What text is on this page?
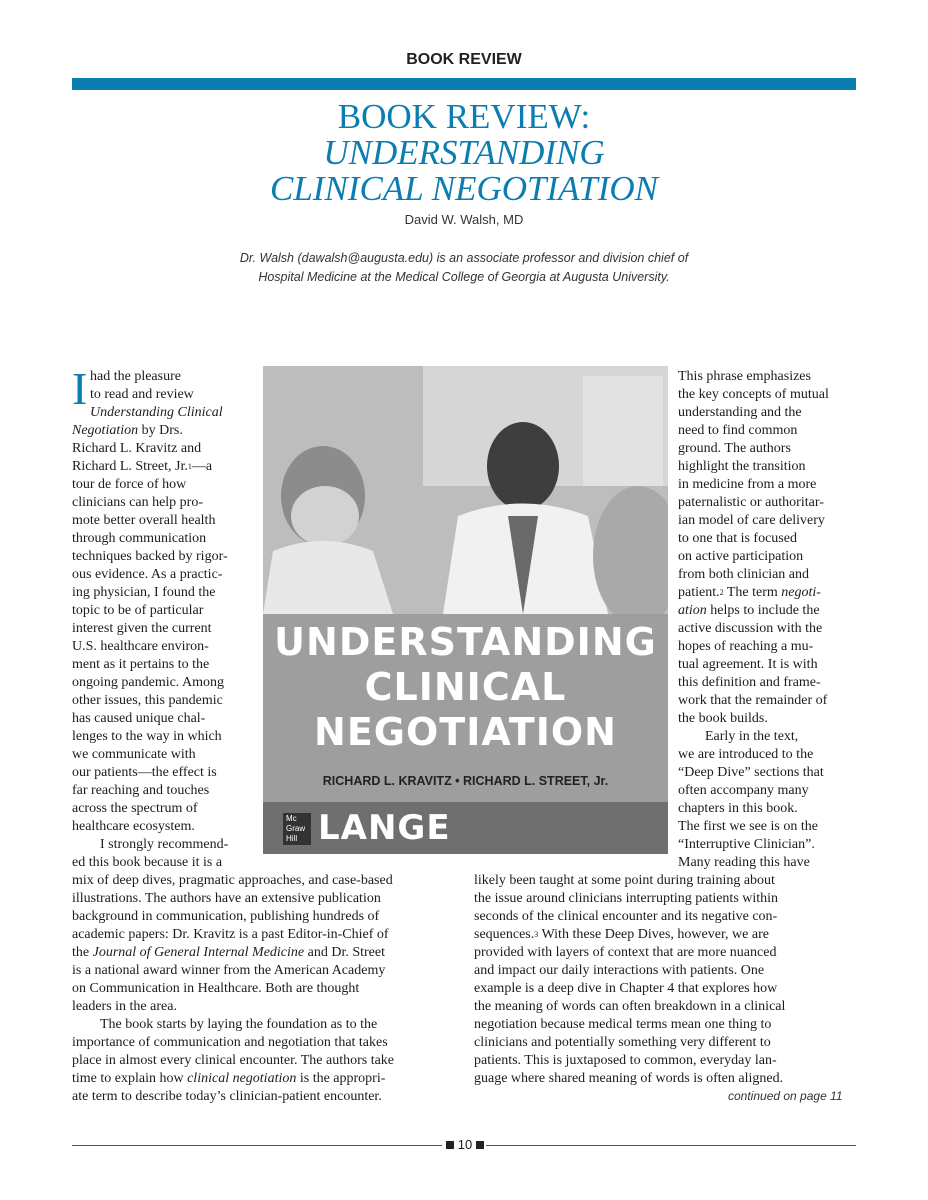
BOOK REVIEW
BOOK REVIEW:
UNDERSTANDING
CLINICAL NEGOTIATION
David W. Walsh, MD
Dr. Walsh (dawalsh@augusta.edu) is an associate professor and division chief of
Hospital Medicine at the Medical College of Georgia at Augusta University.
I had the pleasure
to read and review
Understanding Clinical
Negotiation by Drs.
Richard L. Kravitz and
Richard L. Street, Jr.$^1$—a
tour de force of how
clinicians can help pro-
mote better overall health
through communication
techniques backed by rigor-
ous evidence. As a practic-
ing physician, I found the
topic to be of particular
interest given the current
U.S. healthcare environ-
ment as it pertains to the
ongoing pandemic. Among
other issues, this pandemic
has caused unique chal-
lenges to the way in which
we communicate with
our patients—the effect is
far reaching and touches
across the spectrum of
healthcare ecosystem.
I strongly recommend-
ed this book because it is a
mix of deep dives, pragmatic approaches, and case-based
illustrations. The authors have an extensive publication
background in communication, publishing hundreds of
academic papers: Dr. Kravitz is a past Editor-in-Chief of
the Journal of General Internal Medicine and Dr. Street
is a national award winner from the American Academy
on Communication in Healthcare. Both are thought
leaders in the area.
The book starts by laying the foundation as to the
importance of communication and negotiation that takes
place in almost every clinical encounter. The authors take
time to explain how clinical negotiation is the appropri-
ate term to describe today’s clinician-patient encounter.
UNDERSTANDING
CLINICAL
NEGOTIATION
RICHARD L. KRAVITZ • RICHARD L. STREET, Jr.
Mc Graw Hill LANGE
This phrase emphasizes
the key concepts of mutual
understanding and the
need to find common
ground. The authors
highlight the transition
in medicine from a more
paternalistic or authoritar-
ian model of care delivery
to one that is focused
on active participation
from both clinician and
patient.$^2$ The term negoti-
ation helps to include the
active discussion with the
hopes of reaching a mu-
tual agreement. It is with
this definition and frame-
work that the remainder of
the book builds.
Early in the text,
we are introduced to the
“Deep Dive” sections that
often accompany many
chapters in this book.
The first we see is on the
“Interruptive Clinician”.
Many reading this have
likely been taught at some point during training about
the issue around clinicians interrupting patients within
seconds of the clinical encounter and its negative con-
sequences.$^3$ With these Deep Dives, however, we are
provided with layers of context that are more nuanced
and impact our daily interactions with patients. One
example is a deep dive in Chapter 4 that explores how
the meaning of words can often breakdown in a clinical
negotiation because medical terms mean one thing to
clinicians and potentially something very different to
patients. This is juxtaposed to common, everyday lan-
guage where shared meaning of words is often aligned.
continued on page 11
10
